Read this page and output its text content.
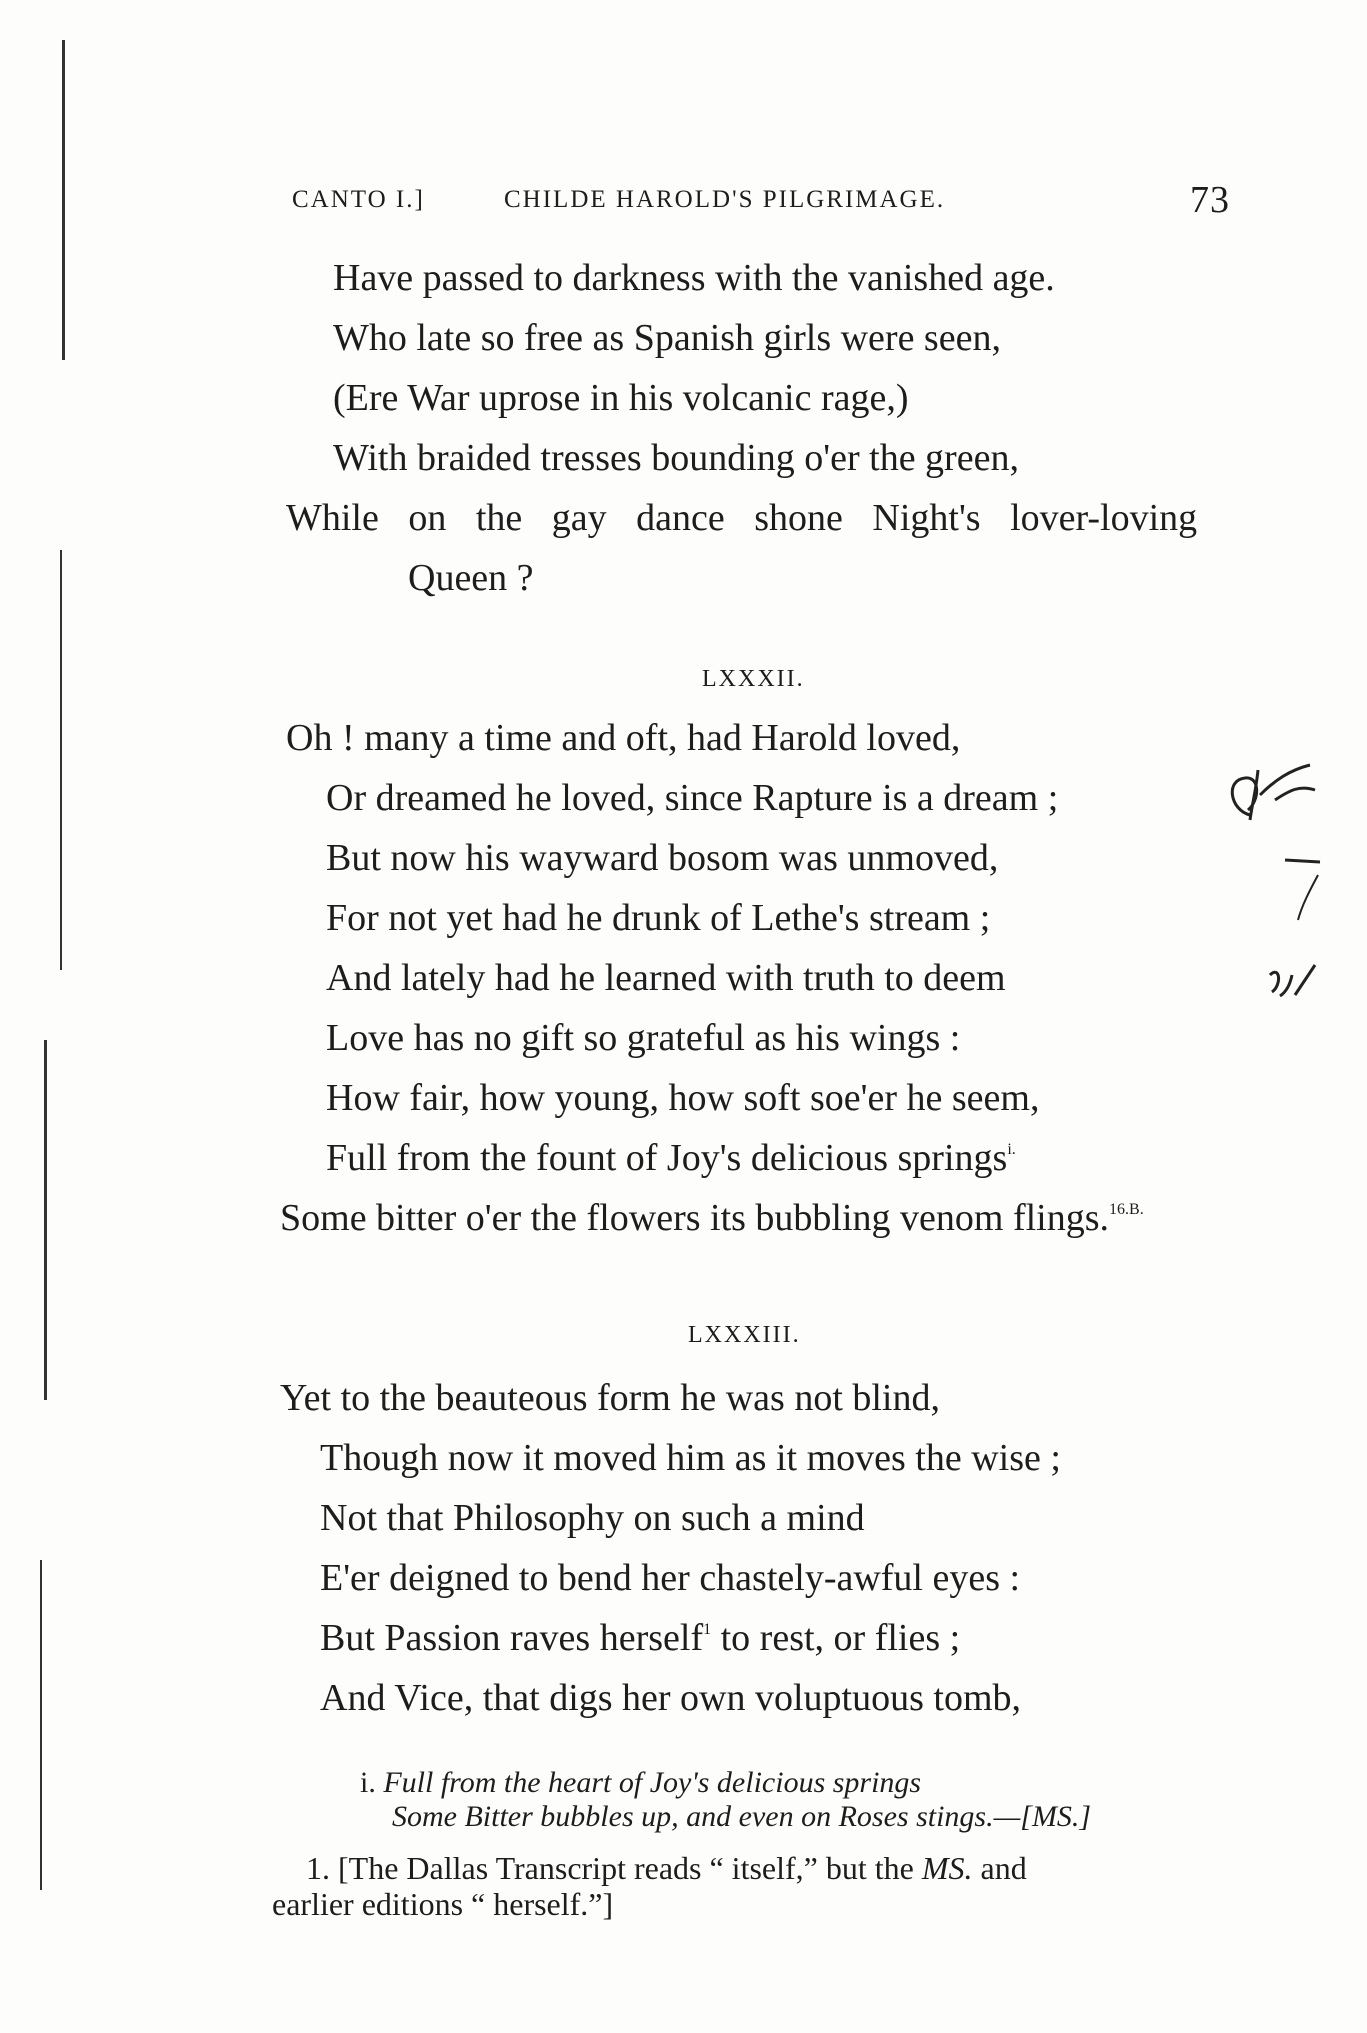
CANTO I.]	CHILDE HAROLD'S PILGRIMAGE.	73
Have passed to darkness with the vanished age.
Who late so free as Spanish girls were seen,
(Ere War uprose in his volcanic rage,)
With braided tresses bounding o'er the green,
While on the gay dance shone Night's lover-loving
Queen ?
LXXXII.
Oh ! many a time and oft, had Harold loved,
Or dreamed he loved, since Rapture is a dream ;
But now his wayward bosom was unmoved,
For not yet had he drunk of Lethe's stream ;
And lately had he learned with truth to deem
Love has no gift so grateful as his wings :
How fair, how young, how soft soe'er he seem,
Full from the fount of Joy's delicious springs$^{i.}$
Some bitter o'er the flowers its bubbling venom flings.$^{16.B.}$
LXXXIII.
Yet to the beauteous form he was not blind,
Though now it moved him as it moves the wise ;
Not that Philosophy on such a mind
E'er deigned to bend her chastely-awful eyes :
But Passion raves herself$^1$ to rest, or flies ;
And Vice, that digs her own voluptuous tomb,
i. Full from the heart of Joy's delicious springs
Some Bitter bubbles up, and even on Roses stings.—[MS.]
1. [The Dallas Transcript reads “ itself,” but the MS. and
earlier editions “ herself.”]
